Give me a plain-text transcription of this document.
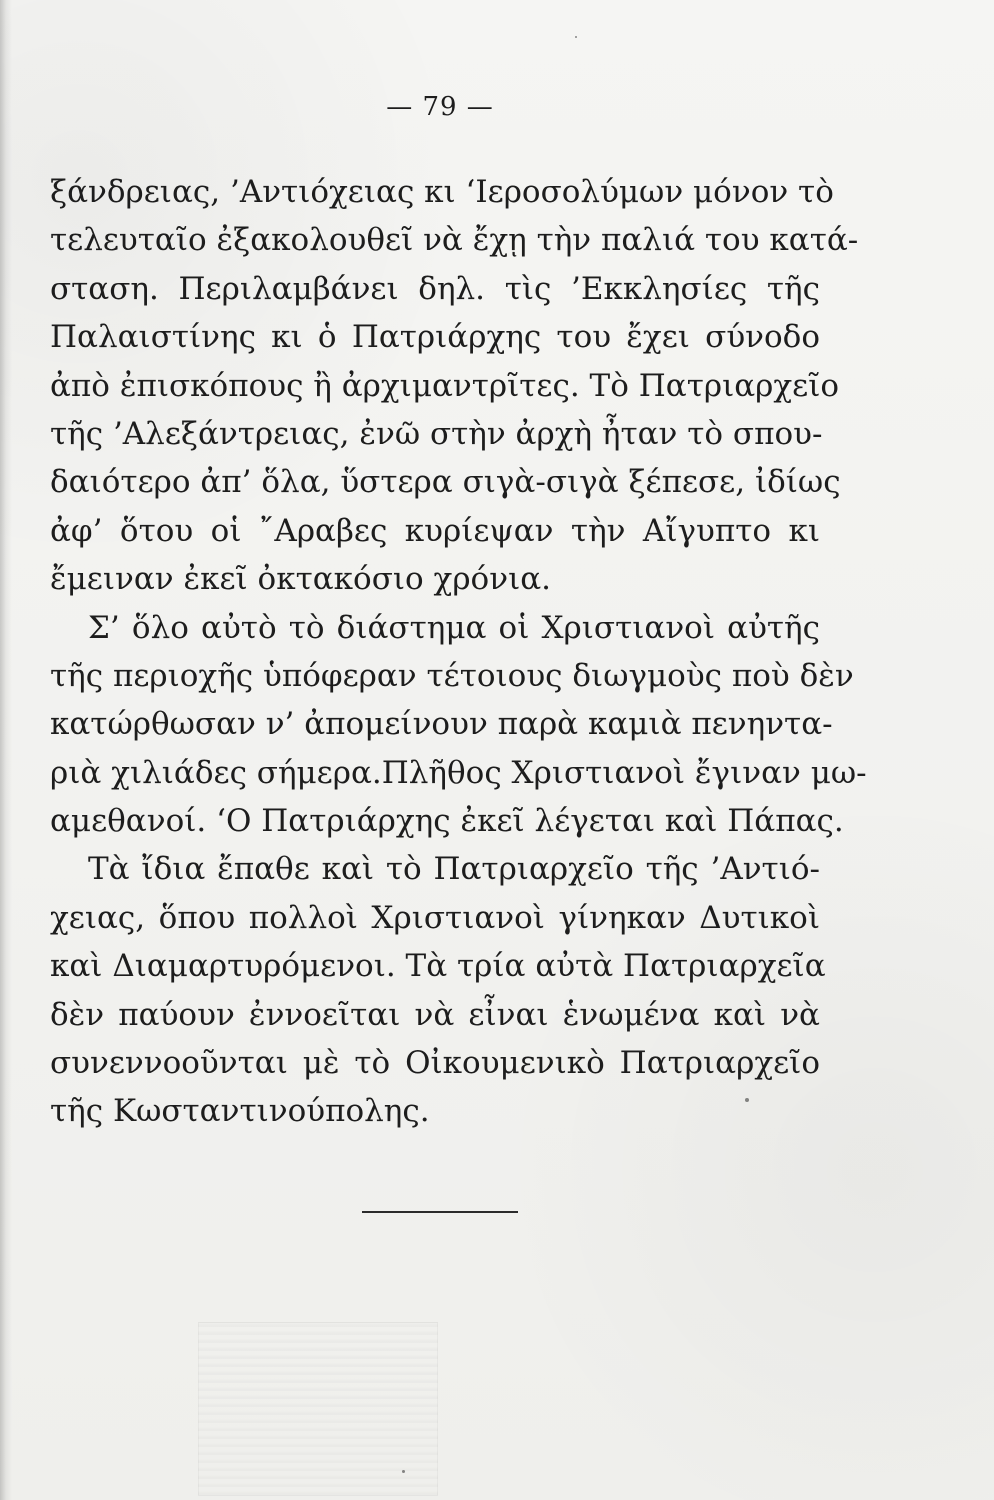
— 79 —
ξάνδρειας, ’Αντιόχειας κι ‘Ιεροσολύμων μόνον τὸ
τελευταῖο ἐξακολουθεῖ νὰ ἔχῃ τὴν παλιά του κατά-
σταση. Περιλαμβάνει δηλ. τὶς ’Εκκλησίες τῆς
Παλαιστίνης κι ὁ Πατριάρχης του ἔχει σύνοδο
ἀπὸ ἐπισκόπους ἢ ἀρχιμαντρῖτες. Τὸ Πατριαρχεῖο
τῆς ’Αλεξάντρειας, ἐνῶ στὴν ἀρχὴ ἦταν τὸ σπου-
δαιότερο ἀπ’ ὅλα, ὕστερα σιγὰ-σιγὰ ξέπεσε, ἰδίως
ἀφ’ ὅτου οἱ ῎Αραβες κυρίεψαν τὴν Αἴγυπτο κι
ἔμειναν ἐκεῖ ὀκτακόσιο χρόνια.
Σ’ ὅλο αὐτὸ τὸ διάστημα οἱ Χριστιανοὶ αὐτῆς
τῆς περιοχῆς ὑπόφεραν τέτοιους διωγμοὺς ποὺ δὲν
κατώρθωσαν ν’ ἀπομείνουν παρὰ καμιὰ πενηντα-
ριὰ χιλιάδες σήμερα.Πλῆθος Χριστιανοὶ ἔγιναν μω-
αμεθανοί. ‘Ο Πατριάρχης ἐκεῖ λέγεται καὶ Πάπας.
Τὰ ἴδια ἔπαθε καὶ τὸ Πατριαρχεῖο τῆς ’Αντιό-
χειας, ὅπου πολλοὶ Χριστιανοὶ γίνηκαν Δυτικοὶ
καὶ Διαμαρτυρόμενοι. Τὰ τρία αὐτὰ Πατριαρχεῖα
δὲν παύουν ἐννοεῖται νὰ εἶναι ἑνωμένα καὶ νὰ
συνεννοοῦνται μὲ τὸ Οἰκουμενικὸ Πατριαρχεῖο
τῆς Κωσταντινούπολης.
